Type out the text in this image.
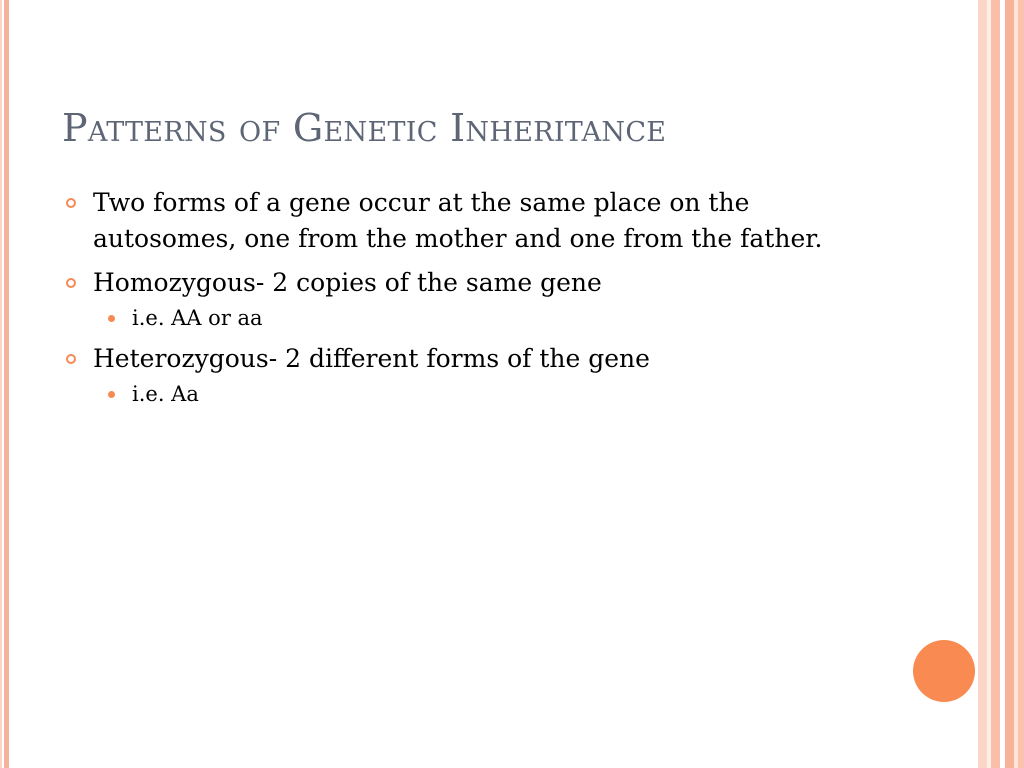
Patterns of Genetic Inheritance
Two forms of a gene occur at the same place on the autosomes, one from the mother and one from the father.
Homozygous- 2 copies of the same gene
i.e. AA or aa
Heterozygous- 2 different forms of the gene
i.e. Aa
